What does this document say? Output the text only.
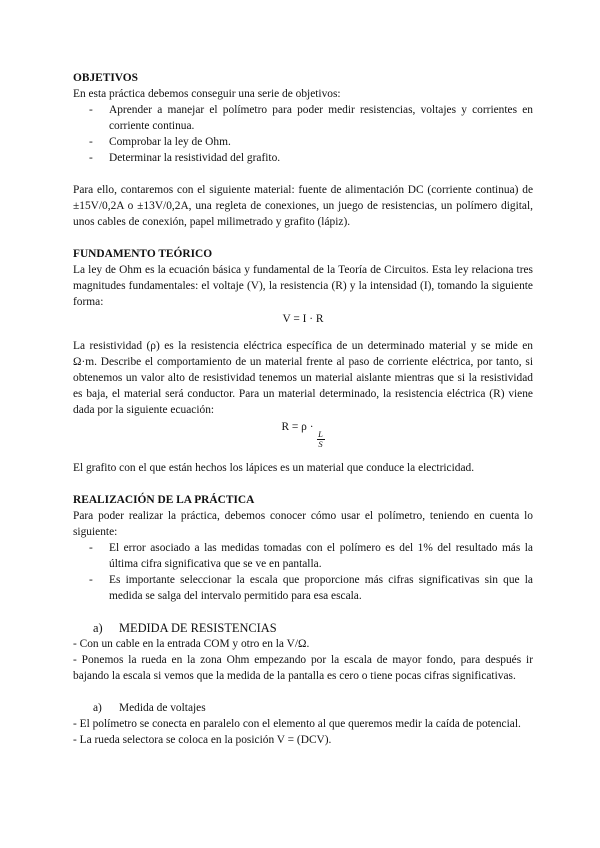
OBJETIVOS

En esta práctica debemos conseguir una serie de objetivos:

- Aprender a manejar el polímetro para poder medir resistencias, voltajes y corrientes en corriente continua.
- Comprobar la ley de Ohm.
- Determinar la resistividad del grafito.

Para ello, contaremos con el siguiente material: fuente de alimentación DC (corriente continua) de ±15V/0,2A o ±13V/0,2A, una regleta de conexiones, un juego de resistencias, un polímero digital, unos cables de conexión, papel milimetrado y grafito (lápiz).

FUNDAMENTO TEÓRICO

La ley de Ohm es la ecuación básica y fundamental de la Teoría de Circuitos. Esta ley relaciona tres magnitudes fundamentales: el voltaje (V), la resistencia (R) y la intensidad (I), tomando la siguiente forma:

V = I · R

La resistividad (ρ) es la resistencia eléctrica específica de un determinado material y se mide en Ω·m. Describe el comportamiento de un material frente al paso de corriente eléctrica, por tanto, si obtenemos un valor alto de resistividad tenemos un material aislante mientras que si la resistividad es baja, el material será conductor. Para un material determinado, la resistencia eléctrica (R) viene dada por la siguiente ecuación:

R = ρ ·
$\frac{L}{S}$

El grafito con el que están hechos los lápices es un material que conduce la electricidad.

REALIZACIÓN DE LA PRÁCTICA

Para poder realizar la práctica, debemos conocer cómo usar el polímetro, teniendo en cuenta lo siguiente:

- El error asociado a las medidas tomadas con el polímero es del 1% del resultado más la última cifra significativa que se ve en pantalla.
- Es importante seleccionar la escala que proporcione más cifras significativas sin que la medida se salga del intervalo permitido para esa escala.

a) MEDIDA DE RESISTENCIAS

- Con un cable en la entrada COM y otro en la V/Ω.

- Ponemos la rueda en la zona Ohm empezando por la escala de mayor fondo, para después ir bajando la escala si vemos que la medida de la pantalla es cero o tiene pocas cifras significativas.

a) Medida de voltajes

- El polímetro se conecta en paralelo con el elemento al que queremos medir la caída de potencial.

- La rueda selectora se coloca en la posición V = (DCV).
